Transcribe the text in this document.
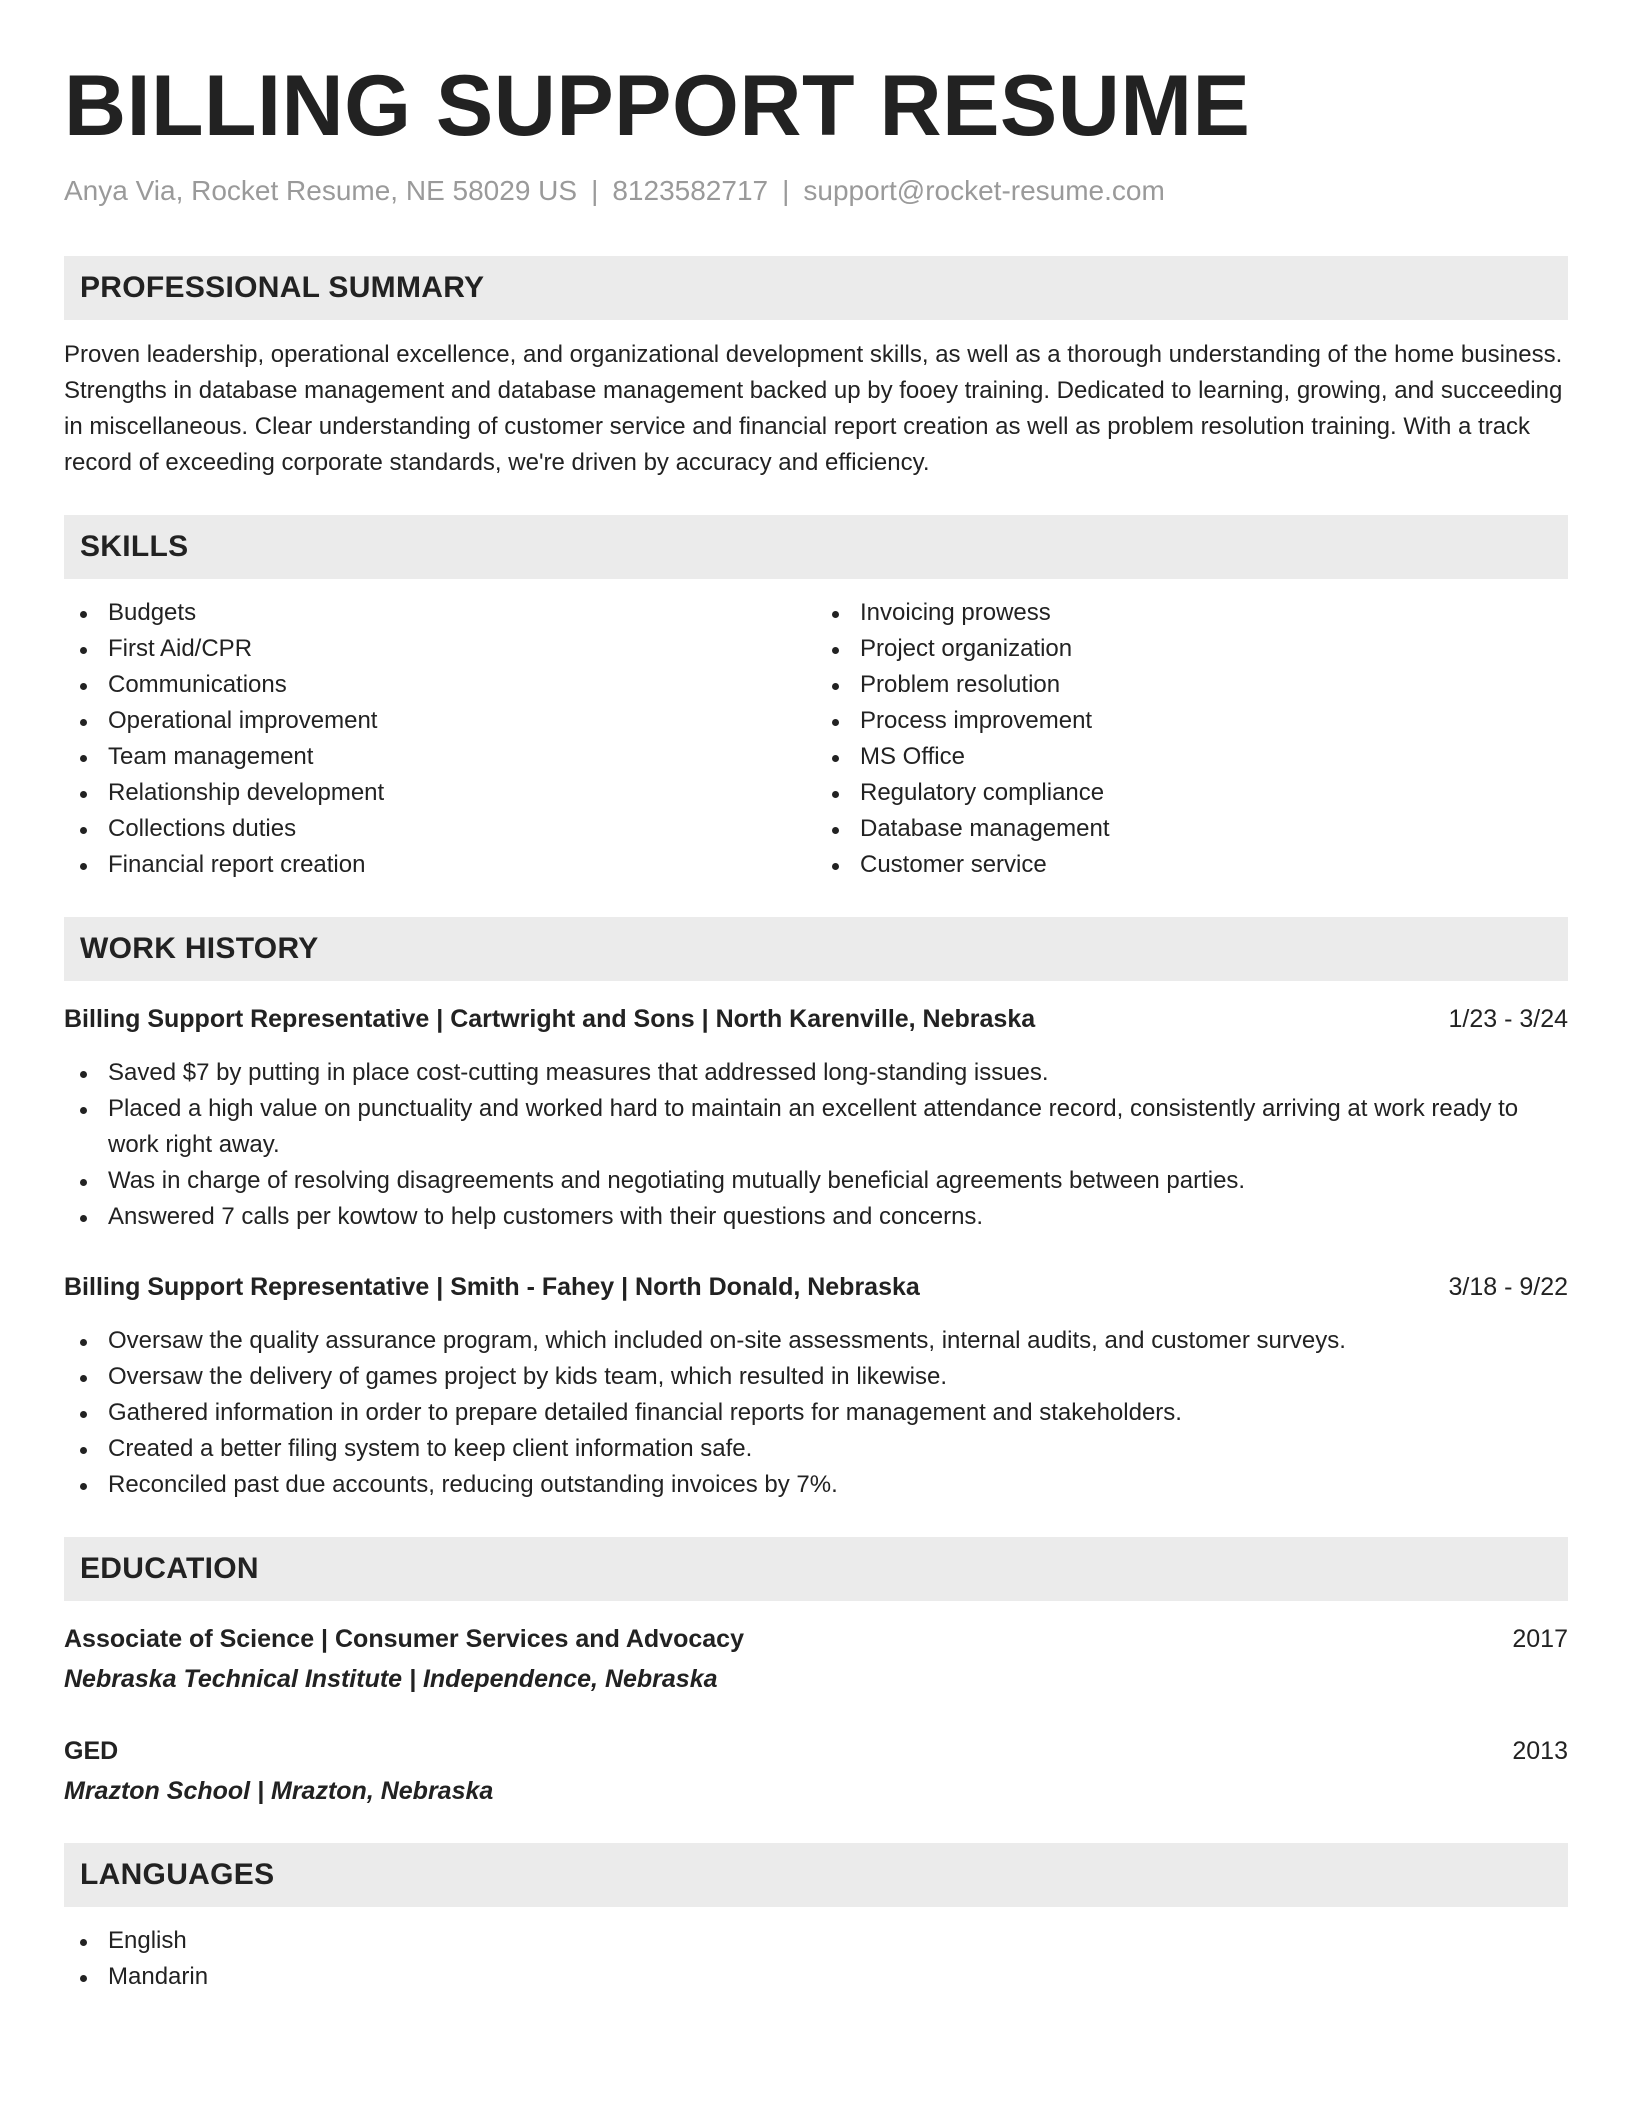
BILLING SUPPORT RESUME
Anya Via, Rocket Resume, NE 58029 US | 8123582717 | support@rocket-resume.com
PROFESSIONAL SUMMARY

Proven leadership, operational excellence, and organizational development skills, as well as a thorough understanding of the home business. Strengths in database management and database management backed up by fooey training. Dedicated to learning, growing, and succeeding in miscellaneous. Clear understanding of customer service and financial report creation as well as problem resolution training. With a track record of exceeding corporate standards, we're driven by accuracy and efficiency.

SKILLS
Budgets
First Aid/CPR
Communications
Operational improvement
Team management
Relationship development
Collections duties
Financial report creation
Invoicing prowess
Project organization
Problem resolution
Process improvement
MS Office
Regulatory compliance
Database management
Customer service
WORK HISTORY
Billing Support Representative | Cartwright and Sons | North Karenville, Nebraska	1/23 - 3/24
Saved $7 by putting in place cost-cutting measures that addressed long-standing issues.
Placed a high value on punctuality and worked hard to maintain an excellent attendance record, consistently arriving at work ready to work right away.
Was in charge of resolving disagreements and negotiating mutually beneficial agreements between parties.
Answered 7 calls per kowtow to help customers with their questions and concerns.
Billing Support Representative | Smith - Fahey | North Donald, Nebraska	3/18 - 9/22
Oversaw the quality assurance program, which included on-site assessments, internal audits, and customer surveys.
Oversaw the delivery of games project by kids team, which resulted in likewise.
Gathered information in order to prepare detailed financial reports for management and stakeholders.
Created a better filing system to keep client information safe.
Reconciled past due accounts, reducing outstanding invoices by 7%.
EDUCATION
Associate of Science | Consumer Services and Advocacy	2017
Nebraska Technical Institute | Independence, Nebraska
GED	2013
Mrazton School | Mrazton, Nebraska
LANGUAGES
English
Mandarin
